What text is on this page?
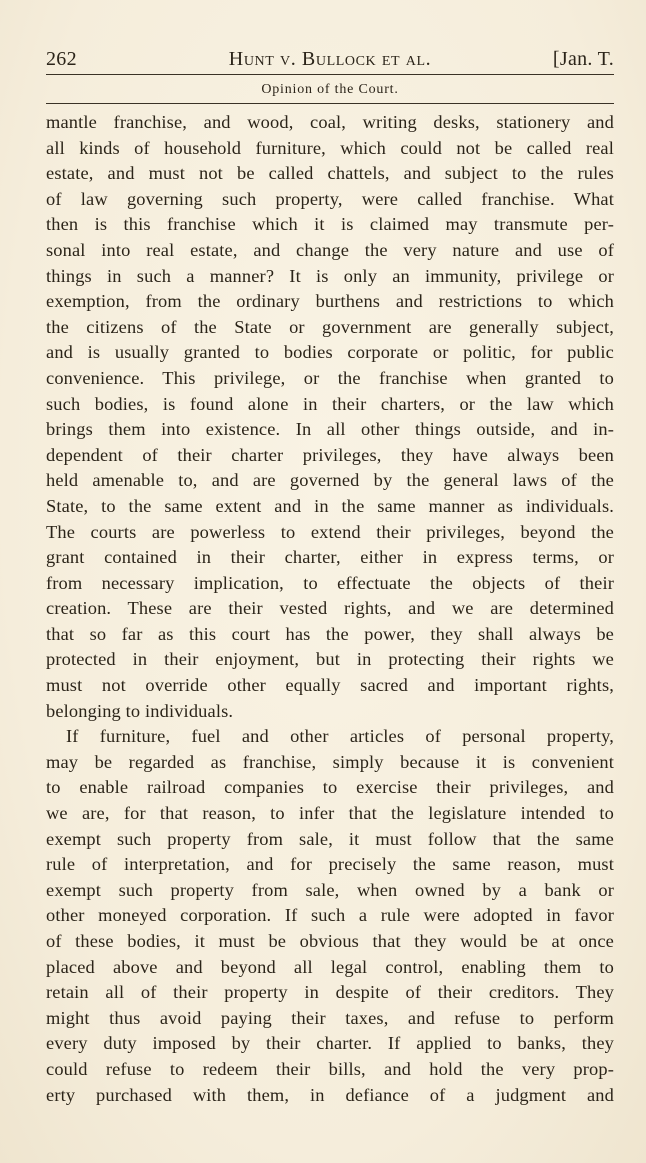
262	Hunt v. Bullock et al.	[Jan. T.
Opinion of the Court.
mantle franchise, and wood, coal, writing desks, stationery and
all kinds of household furniture, which could not be called real
estate, and must not be called chattels, and subject to the rules
of law governing such property, were called franchise. What
then is this franchise which it is claimed may transmute per-
sonal into real estate, and change the very nature and use of
things in such a manner? It is only an immunity, privilege or
exemption, from the ordinary burthens and restrictions to which
the citizens of the State or government are generally subject,
and is usually granted to bodies corporate or politic, for public
convenience. This privilege, or the franchise when granted to
such bodies, is found alone in their charters, or the law which
brings them into existence. In all other things outside, and in-
dependent of their charter privileges, they have always been
held amenable to, and are governed by the general laws of the
State, to the same extent and in the same manner as individuals.
The courts are powerless to extend their privileges, beyond the
grant contained in their charter, either in express terms, or
from necessary implication, to effectuate the objects of their
creation. These are their vested rights, and we are determined
that so far as this court has the power, they shall always be
protected in their enjoyment, but in protecting their rights we
must not override other equally sacred and important rights,
belonging to individuals.
If furniture, fuel and other articles of personal property,
may be regarded as franchise, simply because it is convenient
to enable railroad companies to exercise their privileges, and
we are, for that reason, to infer that the legislature intended to
exempt such property from sale, it must follow that the same
rule of interpretation, and for precisely the same reason, must
exempt such property from sale, when owned by a bank or
other moneyed corporation. If such a rule were adopted in favor
of these bodies, it must be obvious that they would be at once
placed above and beyond all legal control, enabling them to
retain all of their property in despite of their creditors. They
might thus avoid paying their taxes, and refuse to perform
every duty imposed by their charter. If applied to banks, they
could refuse to redeem their bills, and hold the very prop-
erty purchased with them, in defiance of a judgment and
